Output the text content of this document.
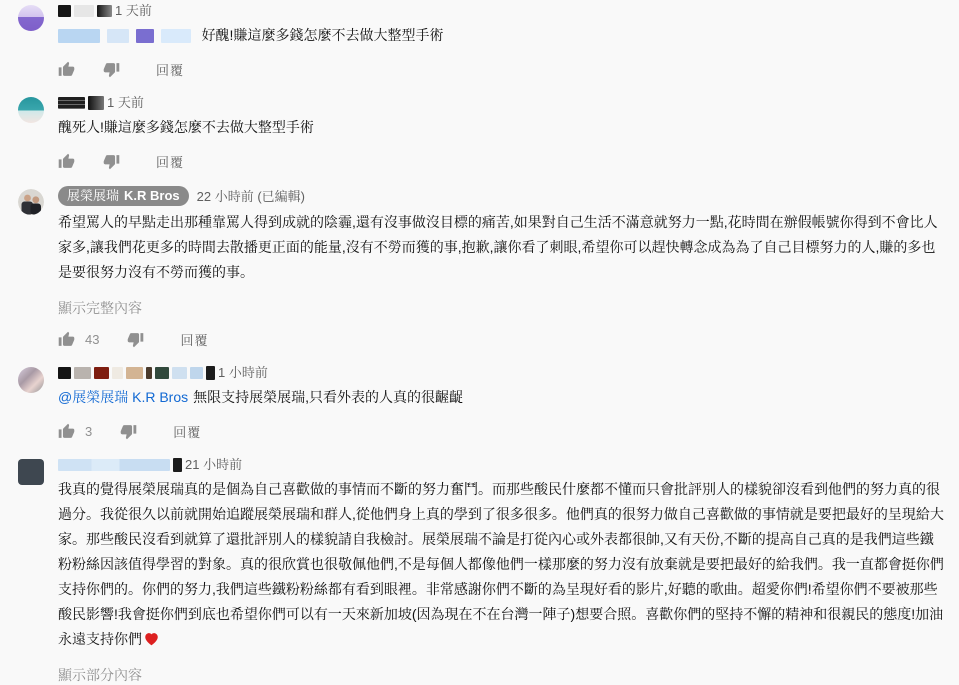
1 天前
好醜!賺這麼多錢怎麼不去做大整型手術
回覆
1 天前
醜死人!賺這麼多錢怎麼不去做大整型手術
回覆
展榮展瑞 K.R Bros 22 小時前 (已編輯)
希望罵人的早點走出那種靠罵人得到成就的陰霾,還有沒事做沒目標的痛苦,如果對自己生活不滿意就努力一點,花時間在辦假帳號你得到不會比人家多,讓我們花更多的時間去散播更正面的能量,沒有不勞而獲的事,抱歉,讓你看了刺眼,希望你可以趕快轉念成為為了自己目標努力的人,賺的多也是要很努力沒有不勞而獲的事。
顯示完整內容
43	回覆
1 小時前
@展榮展瑞 K.R Bros 無限支持展榮展瑞,只看外表的人真的很齷齪
3	回覆
21 小時前
我真的覺得展榮展瑞真的是個為自己喜歡做的事情而不斷的努力奮鬥。而那些酸民什麼都不懂而只會批評別人的樣貌卻沒看到他們的努力真的很過分。我從很久以前就開始追蹤展榮展瑞和群人,從他們身上真的學到了很多很多。他們真的很努力做自己喜歡做的事情就是要把最好的呈現給大家。那些酸民沒看到就算了還批評別人的樣貌請自我檢討。展榮展瑞不論是打從內心或外表都很帥,又有天份,不斷的提高自己真的是我們這些鐵粉粉絲因該值得學習的對象。真的很欣賞也很敬佩他們,不是每個人都像他們一樣那麼的努力沒有放棄就是要把最好的給我們。我一直都會挺你們支持你們的。你們的努力,我們這些鐵粉粉絲都有看到眼裡。非常感謝你們不斷的為呈現好看的影片,好聽的歌曲。超愛你們!希望你們不要被那些酸民影響!我會挺你們到底也希望你們可以有一天來新加坡(因為現在不在台灣一陣子)想要合照。喜歡你們的堅持不懈的精神和很親民的態度!加油永遠支持你們
顯示部分內容
